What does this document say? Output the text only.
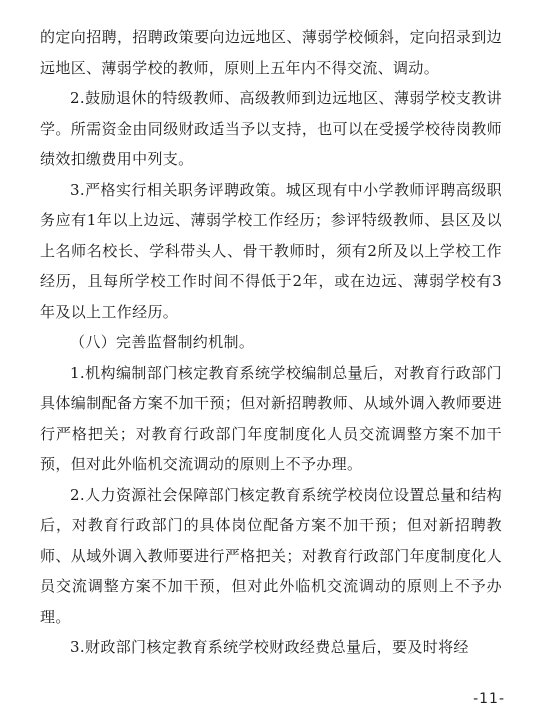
的定向招聘，招聘政策要向边远地区、薄弱学校倾斜，定向招录到边远地区、薄弱学校的教师，原则上五年内不得交流、调动。

2.鼓励退休的特级教师、高级教师到边远地区、薄弱学校支教讲学。所需资金由同级财政适当予以支持，也可以在受援学校待岗教师绩效扣缴费用中列支。

3.严格实行相关职务评聘政策。城区现有中小学教师评聘高级职务应有1年以上边远、薄弱学校工作经历；参评特级教师、县区及以上名师名校长、学科带头人、骨干教师时，须有2所及以上学校工作经历，且每所学校工作时间不得低于2年，或在边远、薄弱学校有3年及以上工作经历。

（八）完善监督制约机制。

1.机构编制部门核定教育系统学校编制总量后，对教育行政部门具体编制配备方案不加干预；但对新招聘教师、从域外调入教师要进行严格把关；对教育行政部门年度制度化人员交流调整方案不加干预，但对此外临机交流调动的原则上不予办理。

2.人力资源社会保障部门核定教育系统学校岗位设置总量和结构后，对教育行政部门的具体岗位配备方案不加干预；但对新招聘教师、从域外调入教师要进行严格把关；对教育行政部门年度制度化人员交流调整方案不加干预，但对此外临机交流调动的原则上不予办理。

3.财政部门核定教育系统学校财政经费总量后，要及时将经

-11-
